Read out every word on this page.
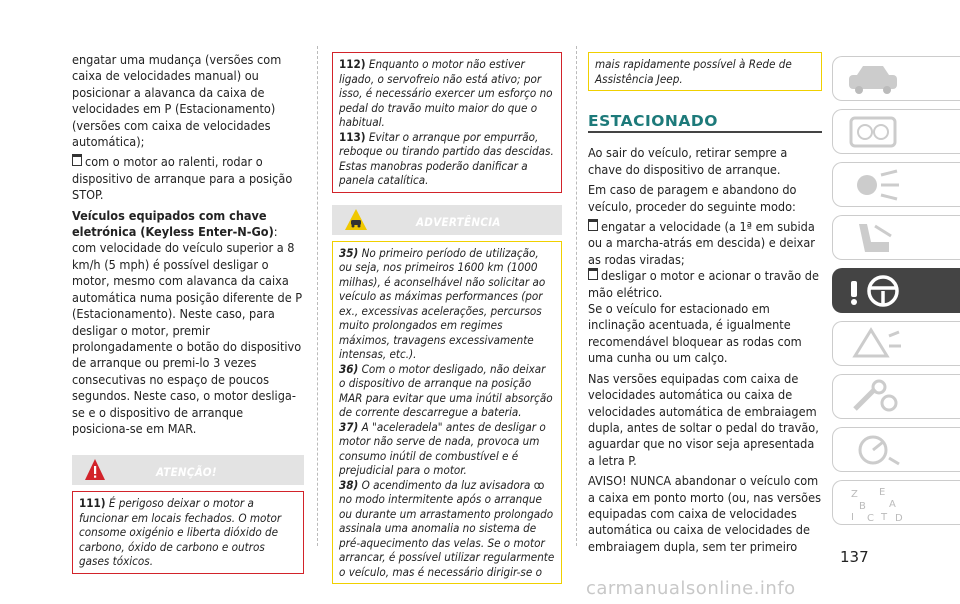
engatar uma mudança (versões com caixa de velocidades manual) ou posicionar a alavanca da caixa de velocidades em P (Estacionamento) (versões com caixa de velocidades automática);

com o motor ao ralenti, rodar o dispositivo de arranque para a posição STOP.

Veículos equipados com chave eletrónica (Keyless Enter-N-Go): com velocidade do veículo superior a 8 km/h (5 mph) é possível desligar o motor, mesmo com alavanca da caixa automática numa posição diferente de P (Estacionamento). Neste caso, para desligar o motor, premir prolongadamente o botão do dispositivo de arranque ou premi-lo 3 vezes consecutivas no espaço de poucos segundos. Neste caso, o motor desliga-se e o dispositivo de arranque posiciona-se em MAR.

ATENÇÃO!
111) É perigoso deixar o motor a funcionar em locais fechados. O motor consome oxigénio e liberta dióxido de carbono, óxido de carbono e outros gases tóxicos.
112) Enquanto o motor não estiver ligado, o servofreio não está ativo; por isso, é necessário exercer um esforço no pedal do travão muito maior do que o habitual.
113) Evitar o arranque por empurrão, reboque ou tirando partido das descidas. Estas manobras poderão danificar a panela catalítica.
ADVERTÊNCIA
35) No primeiro período de utilização, ou seja, nos primeiros 1600 km (1000 milhas), é aconselhável não solicitar ao veículo as máximas performances (por ex., excessivas acelerações, percursos muito prolongados em regimes máximos, travagens excessivamente intensas, etc.).
36) Com o motor desligado, não deixar o dispositivo de arranque na posição MAR para evitar que uma inútil absorção de corrente descarregue a bateria.
37) A "aceleradela" antes de desligar o motor não serve de nada, provoca um consumo inútil de combustível e é prejudicial para o motor.
38) O acendimento da luz avisadora ꝏ no modo intermitente após o arranque ou durante um arrastamento prolongado assinala uma anomalia no sistema de pré-aquecimento das velas. Se o motor arrancar, é possível utilizar regularmente o veículo, mas é necessário dirigir-se o
mais rapidamente possível à Rede de Assistência Jeep.
ESTACIONADO

Ao sair do veículo, retirar sempre a chave do dispositivo de arranque.

Em caso de paragem e abandono do veículo, proceder do seguinte modo:

engatar a velocidade (a 1ª em subida ou a marcha-atrás em descida) e deixar as rodas viradas;

desligar o motor e acionar o travão de mão elétrico.

Se o veículo for estacionado em inclinação acentuada, é igualmente recomendável bloquear as rodas com uma cunha ou um calço.

Nas versões equipadas com caixa de velocidades automática ou caixa de velocidades automática de embraiagem dupla, antes de soltar o pedal do travão, aguardar que no visor seja apresentada a letra P.

AVISO! NUNCA abandonar o veículo com a caixa em ponto morto (ou, nas versões equipadas com caixa de velocidades automática ou caixa de velocidades de embraiagem dupla, sem ter primeiro

Z E
B A
I C T D
137
carmanualsonline.info
